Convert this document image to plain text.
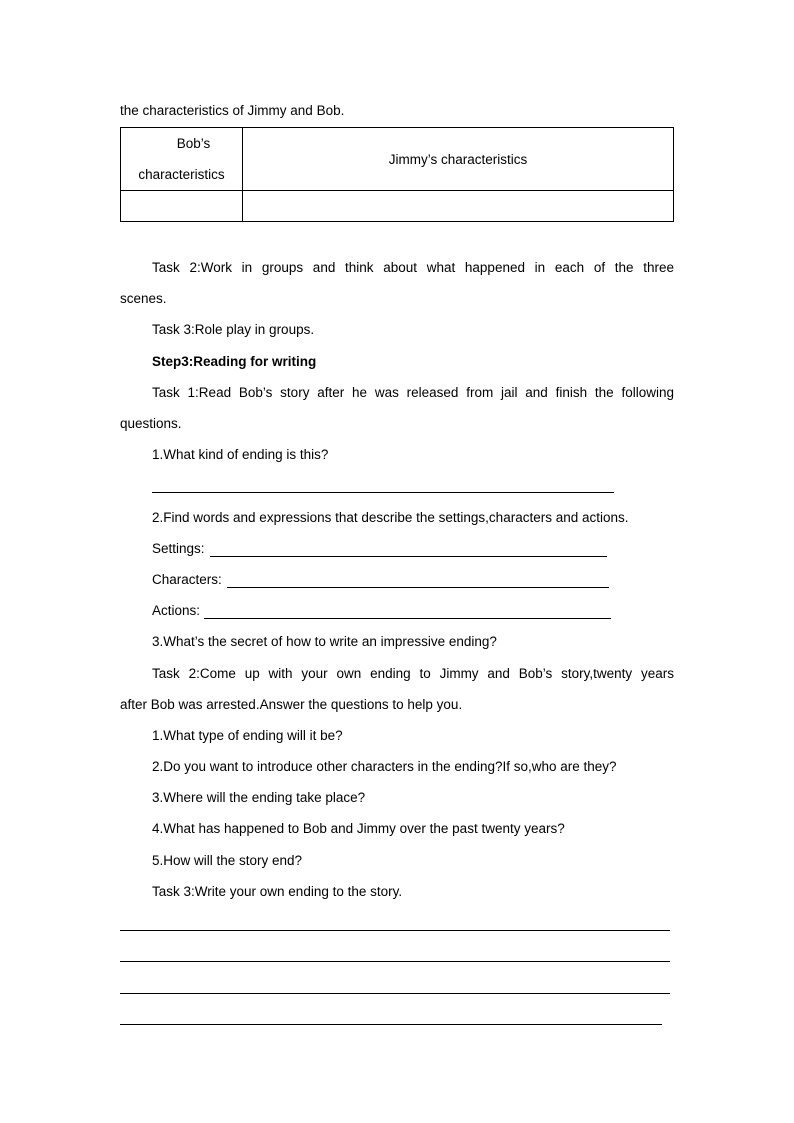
the characteristics of Jimmy and Bob.
Bob’s
characteristics	Jimmy’s characteristics

Task 2:Work in groups and think about what happened in each of the three
scenes.
Task 3:Role play in groups.
Step3:Reading for writing
Task 1:Read Bob’s story after he was released from jail and finish the following
questions.
1.What kind of ending is this?
2.Find words and expressions that describe the settings,characters and actions.
Settings:
Characters:
Actions:
3.What’s the secret of how to write an impressive ending?
Task 2:Come up with your own ending to Jimmy and Bob’s story,twenty years
after Bob was arrested.Answer the questions to help you.
1.What type of ending will it be?
2.Do you want to introduce other characters in the ending?If so,who are they?
3.Where will the ending take place?
4.What has happened to Bob and Jimmy over the past twenty years?
5.How will the story end?
Task 3:Write your own ending to the story.
